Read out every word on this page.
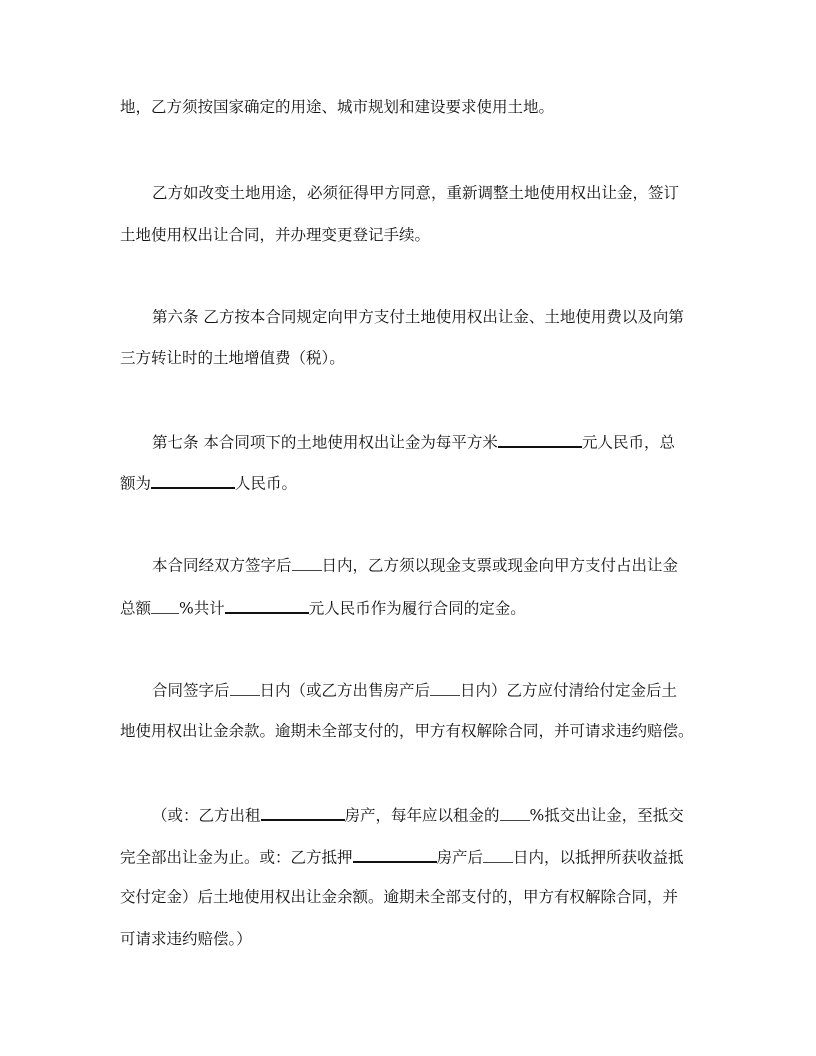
地，乙方须按国家确定的用途、城市规划和建设要求使用土地。

乙方如改变土地用途，必须征得甲方同意，重新调整土地使用权出让金，签订

土地使用权出让合同，并办理变更登记手续。

第六条 乙方按本合同规定向甲方支付土地使用权出让金、土地使用费以及向第

三方转让时的土地增值费（税）。

第七条 本合同项下的土地使用权出让金为每平方米	元人民币，总

额为	人民币。

本合同经双方签字后 日内，乙方须以现金支票或现金向甲方支付占出让金

总额 %共计	元人民币作为履行合同的定金。

合同签字后 日内（或乙方出售房产后 日内）乙方应付清给付定金后土

地使用权出让金余款。逾期未全部支付的，甲方有权解除合同，并可请求违约赔偿。

（或：乙方出租	房产，每年应以租金的 %抵交出让金，至抵交

完全部出让金为止。或：乙方抵押	房产后 日内，以抵押所获收益抵

交付定金）后土地使用权出让金余额。逾期未全部支付的，甲方有权解除合同，并

可请求违约赔偿。）
